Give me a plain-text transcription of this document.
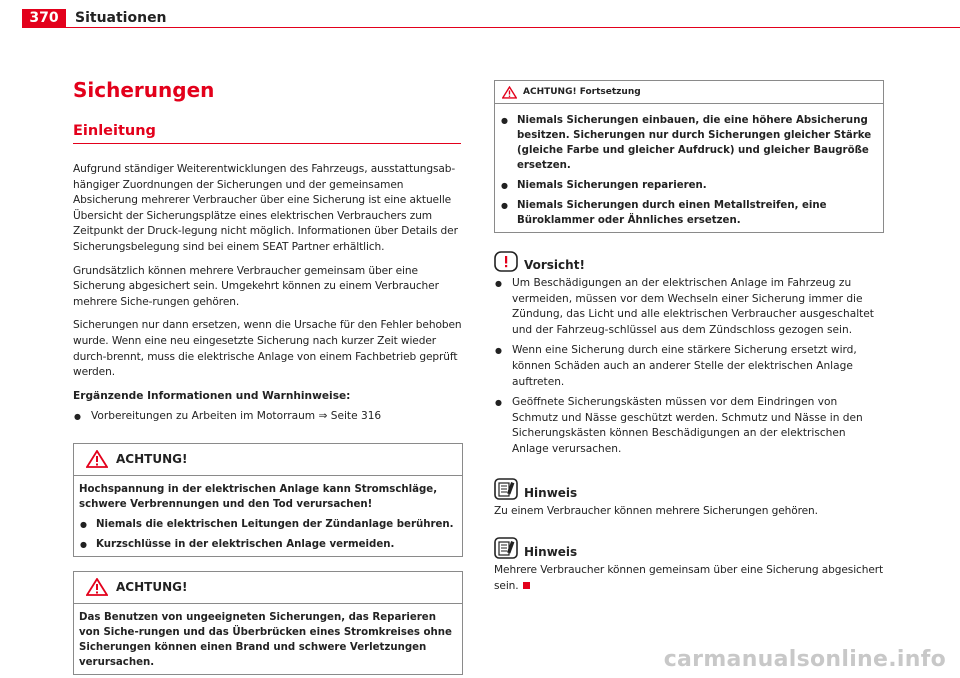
370	Situationen
Sicherungen
Einleitung

Aufgrund ständiger Weiterentwicklungen des Fahrzeugs, ausstattungsab-hängiger Zuordnungen der Sicherungen und der gemeinsamen Absicherung mehrerer Verbraucher über eine Sicherung ist eine aktuelle Übersicht der Sicherungsplätze eines elektrischen Verbrauchers zum Zeitpunkt der Druck-legung nicht möglich. Informationen über Details der Sicherungsbelegung sind bei einem SEAT Partner erhältlich.

Grundsätzlich können mehrere Verbraucher gemeinsam über eine Sicherung abgesichert sein. Umgekehrt können zu einem Verbraucher mehrere Siche-rungen gehören.

Sicherungen nur dann ersetzen, wenn die Ursache für den Fehler behoben wurde. Wenn eine neu eingesetzte Sicherung nach kurzer Zeit wieder durch-brennt, muss die elektrische Anlage von einem Fachbetrieb geprüft werden.

Ergänzende Informationen und Warnhinweise:
● Vorbereitungen zu Arbeiten im Motorraum ⇒ Seite 316
ACHTUNG!
Hochspannung in der elektrischen Anlage kann Stromschläge, schwere Verbrennungen und den Tod verursachen!
● Niemals die elektrischen Leitungen der Zündanlage berühren.
● Kurzschlüsse in der elektrischen Anlage vermeiden.
ACHTUNG!
Das Benutzen von ungeeigneten Sicherungen, das Reparieren von Siche-rungen und das Überbrücken eines Stromkreises ohne Sicherungen können einen Brand und schwere Verletzungen verursachen.
ACHTUNG! Fortsetzung
● Niemals Sicherungen einbauen, die eine höhere Absicherung besitzen. Sicherungen nur durch Sicherungen gleicher Stärke (gleiche Farbe und gleicher Aufdruck) und gleicher Baugröße ersetzen.
● Niemals Sicherungen reparieren.
● Niemals Sicherungen durch einen Metallstreifen, eine Büroklammer oder Ähnliches ersetzen.
Vorsicht!
● Um Beschädigungen an der elektrischen Anlage im Fahrzeug zu vermeiden, müssen vor dem Wechseln einer Sicherung immer die Zündung, das Licht und alle elektrischen Verbraucher ausgeschaltet und der Fahrzeug-schlüssel aus dem Zündschloss gezogen sein.
● Wenn eine Sicherung durch eine stärkere Sicherung ersetzt wird, können Schäden auch an anderer Stelle der elektrischen Anlage auftreten.
● Geöffnete Sicherungskästen müssen vor dem Eindringen von Schmutz und Nässe geschützt werden. Schmutz und Nässe in den Sicherungskästen können Beschädigungen an der elektrischen Anlage verursachen.
Hinweis

Zu einem Verbraucher können mehrere Sicherungen gehören.

Hinweis

Mehrere Verbraucher können gemeinsam über eine Sicherung abgesichert sein.

carmanualsonline.info
